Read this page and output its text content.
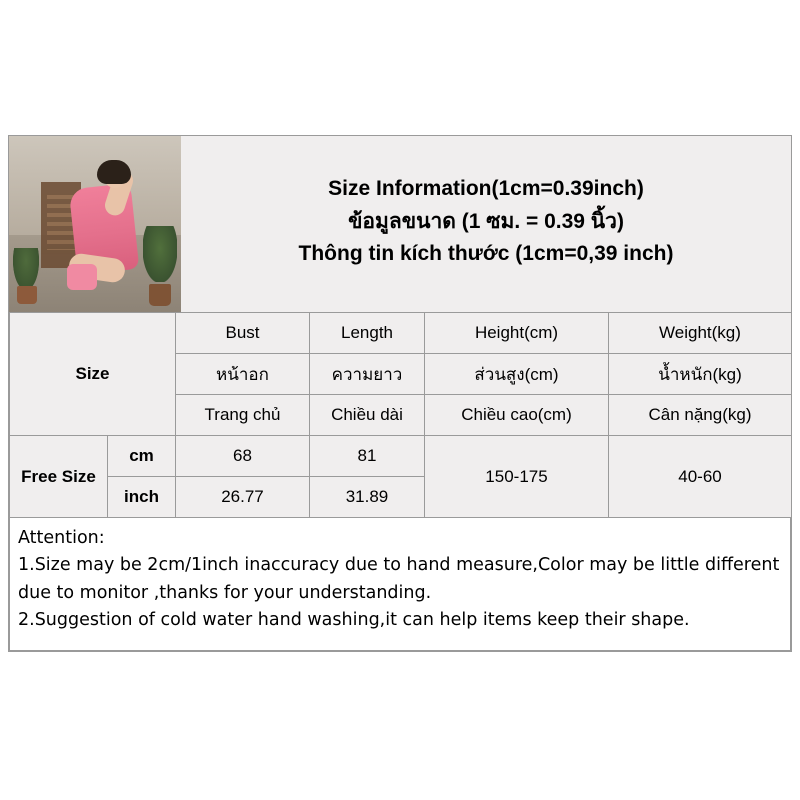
Size Information(1cm=0.39inch)
ข้อมูลขนาด (1 ซม. = 0.39 นิ้ว)
Thông tin kích thước (1cm=0,39 inch)
Size		Bust	Length	Height(cm)	Weight(kg)
		หน้าอก	ความยาว	ส่วนสูง(cm)	น้ำหนัก(kg)
		Trang chủ	Chiều dài	Chiều cao(cm)	Cân nặng(kg)
Free Size	cm	68	81	150-175	40-60
	inch	26.77	31.89		

Attention:

1.Size may be 2cm/1inch inaccuracy due to hand measure,Color may be little different

due to monitor ,thanks for your understanding.

2.Suggestion of cold water hand washing,it can help items keep their shape.
